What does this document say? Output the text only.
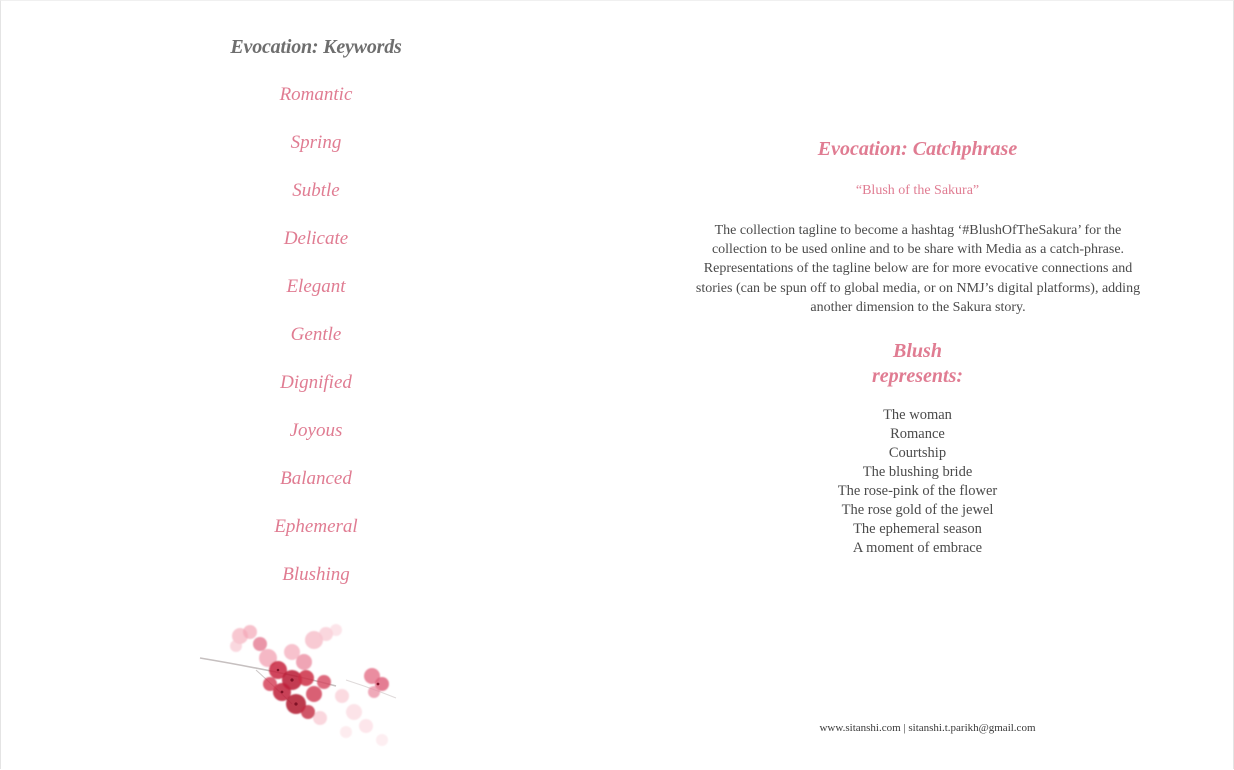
Evocation: Keywords
Romantic
Spring
Subtle
Delicate
Elegant
Gentle
Dignified
Joyous
Balanced
Ephemeral
Blushing
Evocation: Catchphrase
“Blush of the Sakura”

The collection tagline to become a hashtag ‘#BlushOfTheSakura’ for the collection to be used online and to be share with Media as a catch-phrase. Representations of the tagline below are for more evocative connections and stories (can be spun off to global media, or on NMJ’s digital platforms), adding another dimension to the Sakura story.

Blush
represents:
The woman
Romance
Courtship
The blushing bride
The rose-pink of the flower
The rose gold of the jewel
The ephemeral season
A moment of embrace
www.sitanshi.com | sitanshi.t.parikh@gmail.com
